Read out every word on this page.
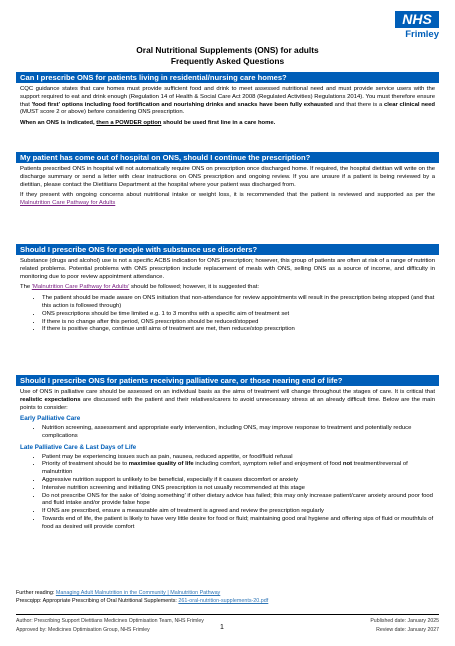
NHS
Frimley
Oral Nutritional Supplements (ONS) for adults
Frequently Asked Questions
Can I prescribe ONS for patients living in residential/nursing care homes?

CQC guidance states that care homes must provide sufficient food and drink to meet assessed nutritional need and must provide service users with the support required to eat and drink enough (Regulation 14 of Health & Social Care Act 2008 (Regulated Activities) Regulations 2014). You must therefore ensure that 'food first' options including food fortification and nourishing drinks and snacks have been fully exhausted and that there is a clear clinical need (MUST score 2 or above) before considering ONS prescription.

When an ONS is indicated, then a POWDER option should be used first line in a care home.

My patient has come out of hospital on ONS, should I continue the prescription?

Patients prescribed ONS in hospital will not automatically require ONS on prescription once discharged home. If required, the hospital dietitian will write on the discharge summary or send a letter with clear instructions on ONS prescription and ongoing review. If you are unsure if a patient is being reviewed by a dietitian, please contact the Dietitians Department at the hospital where your patient was discharged from.

If they present with ongoing concerns about nutritional intake or weight loss, it is recommended that the patient is reviewed and supported as per the Malnutrition Care Pathway for Adults

Should I prescribe ONS for people with substance use disorders?

Substance (drugs and alcohol) use is not a specific ACBS indication for ONS prescription; however, this group of patients are often at risk of a range of nutrition related problems. Potential problems with ONS prescription include replacement of meals with ONS, selling ONS as a source of income, and difficulty in monitoring due to poor review appointment attendance.

The 'Malnutrition Care Pathway for Adults' should be followed; however, it is suggested that:

• The patient should be made aware on ONS initiation that non-attendance for review appointments will result in the prescription being stopped (and that this action is followed through)
• ONS prescriptions should be time limited e.g. 1 to 3 months with a specific aim of treatment set
• If there is no change after this period, ONS prescription should be reduced/stopped
• If there is positive change, continue until aims of treatment are met, then reduce/stop prescription
Should I prescribe ONS for patients receiving palliative care, or those nearing end of life?

Use of ONS in palliative care should be assessed on an individual basis as the aims of treatment will change throughout the stages of care. It is critical that realistic expectations are discussed with the patient and their relatives/carers to avoid unnecessary stress at an already difficult time. Below are the main points to consider:

Early Palliative Care
• Nutrition screening, assessment and appropriate early intervention, including ONS, may improve response to treatment and potentially reduce complications
Late Palliative Care & Last Days of Life
• Patient may be experiencing issues such as pain, nausea, reduced appetite, or food/fluid refusal
• Priority of treatment should be to maximise quality of life including comfort, symptom relief and enjoyment of food not treatment/reversal of malnutrition
• Aggressive nutrition support is unlikely to be beneficial, especially if it causes discomfort or anxiety
• Intensive nutrition screening and initiating ONS prescription is not usually recommended at this stage
• Do not prescribe ONS for the sake of 'doing something' if other dietary advice has failed; this may only increase patient/carer anxiety around poor food and fluid intake and/or provide false hope
• If ONS are prescribed, ensure a measurable aim of treatment is agreed and review the prescription regularly
• Towards end of life, the patient is likely to have very little desire for food or fluid; maintaining good oral hygiene and offering sips of fluid or mouthfuls of food as desired will provide comfort
Further reading: Managing Adult Malnutrition in the Community | Malnutrition Pathway
Prescqipp: Appropriate Prescribing of Oral Nutritional Supplements: 261-oral-nutrition-supplements-20.pdf
Author: Prescribing Support Dietitians Medicines Optimisation Team, NHS Frimley	Published date: January 2025
Approved by: Medicines Optimisation Group, NHS Frimley	Review date: January 2027
1
